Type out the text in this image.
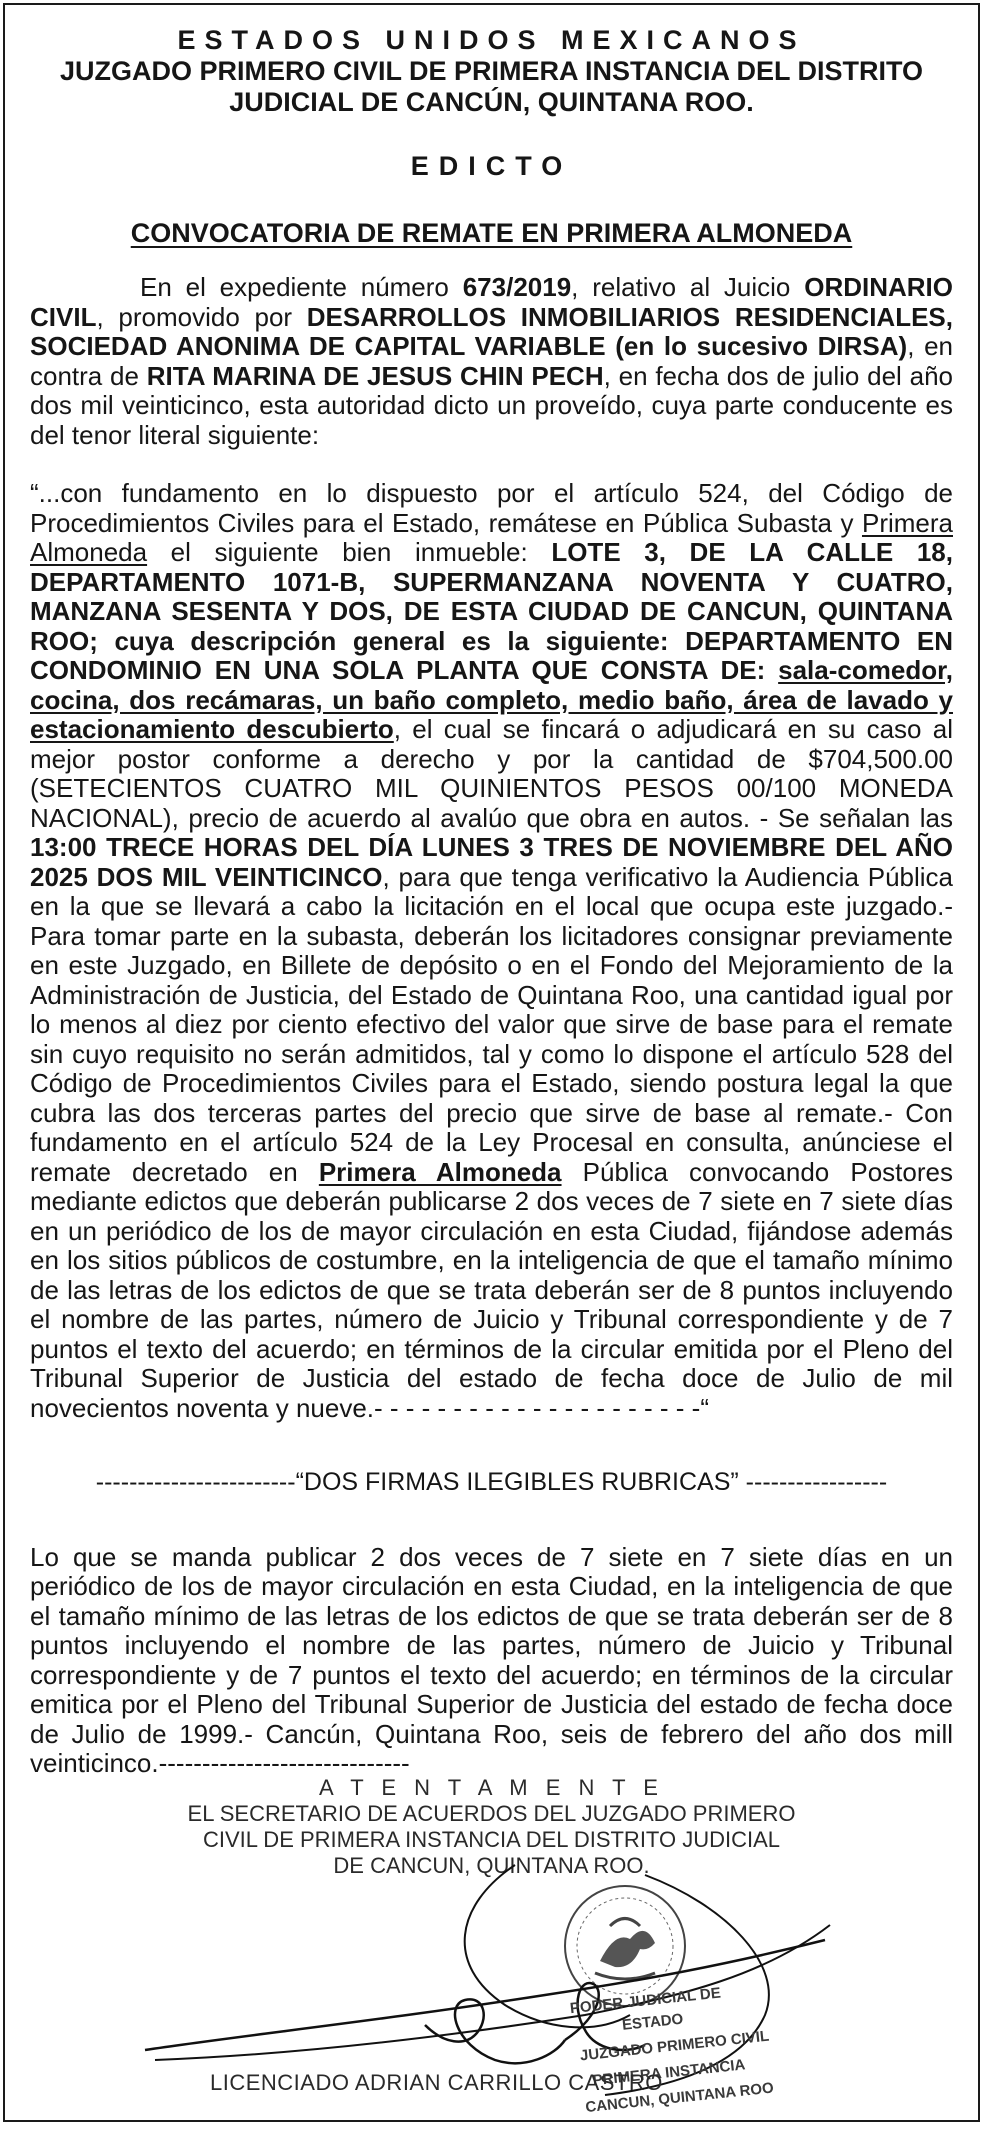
ESTADOS UNIDOS MEXICANOS

JUZGADO PRIMERO CIVIL DE PRIMERA INSTANCIA DEL DISTRITO

JUDICIAL DE CANCÚN, QUINTANA ROO.

EDICTO
CONVOCATORIA DE REMATE EN PRIMERA ALMONEDA

En el expediente número 673/2019, relativo al Juicio ORDINARIO CIVIL, promovido por DESARROLLOS INMOBILIARIOS RESIDENCIALES, SOCIEDAD ANONIMA DE CAPITAL VARIABLE (en lo sucesivo DIRSA), en contra de RITA MARINA DE JESUS CHIN PECH, en fecha dos de julio del año dos mil veinticinco, esta autoridad dicto un proveído, cuya parte conducente es del tenor literal siguiente:

“...con fundamento en lo dispuesto por el artículo 524, del Código de Procedimientos Civiles para el Estado, remátese en Pública Subasta y Primera Almoneda el siguiente bien inmueble: LOTE 3, DE LA CALLE 18, DEPARTAMENTO 1071-B, SUPERMANZANA NOVENTA Y CUATRO, MANZANA SESENTA Y DOS, DE ESTA CIUDAD DE CANCUN, QUINTANA ROO; cuya descripción general es la siguiente: DEPARTAMENTO EN CONDOMINIO EN UNA SOLA PLANTA QUE CONSTA DE: sala-comedor, cocina, dos recámaras, un baño completo, medio baño, área de lavado y estacionamiento descubierto, el cual se fincará o adjudicará en su caso al mejor postor conforme a derecho y por la cantidad de $704,500.00 (SETECIENTOS CUATRO MIL QUINIENTOS PESOS 00/100 MONEDA NACIONAL), precio de acuerdo al avalúo que obra en autos. - Se señalan las 13:00 TRECE HORAS DEL DÍA LUNES 3 TRES DE NOVIEMBRE DEL AÑO 2025 DOS MIL VEINTICINCO, para que tenga verificativo la Audiencia Pública en la que se llevará a cabo la licitación en el local que ocupa este juzgado.- Para tomar parte en la subasta, deberán los licitadores consignar previamente en este Juzgado, en Billete de depósito o en el Fondo del Mejoramiento de la Administración de Justicia, del Estado de Quintana Roo, una cantidad igual por lo menos al diez por ciento efectivo del valor que sirve de base para el remate sin cuyo requisito no serán admitidos, tal y como lo dispone el artículo 528 del Código de Procedimientos Civiles para el Estado, siendo postura legal la que cubra las dos terceras partes del precio que sirve de base al remate.- Con fundamento en el artículo 524 de la Ley Procesal en consulta, anúnciese el remate decretado en Primera Almoneda Pública convocando Postores mediante edictos que deberán publicarse 2 dos veces de 7 siete en 7 siete días en un periódico de los de mayor circulación en esta Ciudad, fijándose además en los sitios públicos de costumbre, en la inteligencia de que el tamaño mínimo de las letras de los edictos de que se trata deberán ser de 8 puntos incluyendo el nombre de las partes, número de Juicio y Tribunal correspondiente y de 7 puntos el texto del acuerdo; en términos de la circular emitida por el Pleno del Tribunal Superior de Justicia del estado de fecha doce de Julio de mil novecientos noventa y nueve.- - - - - - - - - - - - - - - - - - - - -“

------------------------“DOS FIRMAS ILEGIBLES RUBRICAS” -----------------

Lo que se manda publicar 2 dos veces de 7 siete en 7 siete días en un periódico de los de mayor circulación en esta Ciudad, en la inteligencia de que el tamaño mínimo de las letras de los edictos de que se trata deberán ser de 8 puntos incluyendo el nombre de las partes, número de Juicio y Tribunal correspondiente y de 7 puntos el texto del acuerdo; en términos de la circular emitica por el Pleno del Tribunal Superior de Justicia del estado de fecha doce de Julio de 1999.- Cancún, Quintana Roo, seis de febrero del año dos mill veinticinco.-----------------------------

A T E N T A M E N T E
EL SECRETARIO DE ACUERDOS DEL JUZGADO PRIMERO
CIVIL DE PRIMERA INSTANCIA DEL DISTRITO JUDICIAL
DE CANCUN, QUINTANA ROO.
PODER JUDICIAL DE
ESTADO
JUZGADO PRIMERO CIVIL
PRIMERA INSTANCIA
CANCUN, QUINTANA ROO
LICENCIADO ADRIAN CARRILLO CASTRO
